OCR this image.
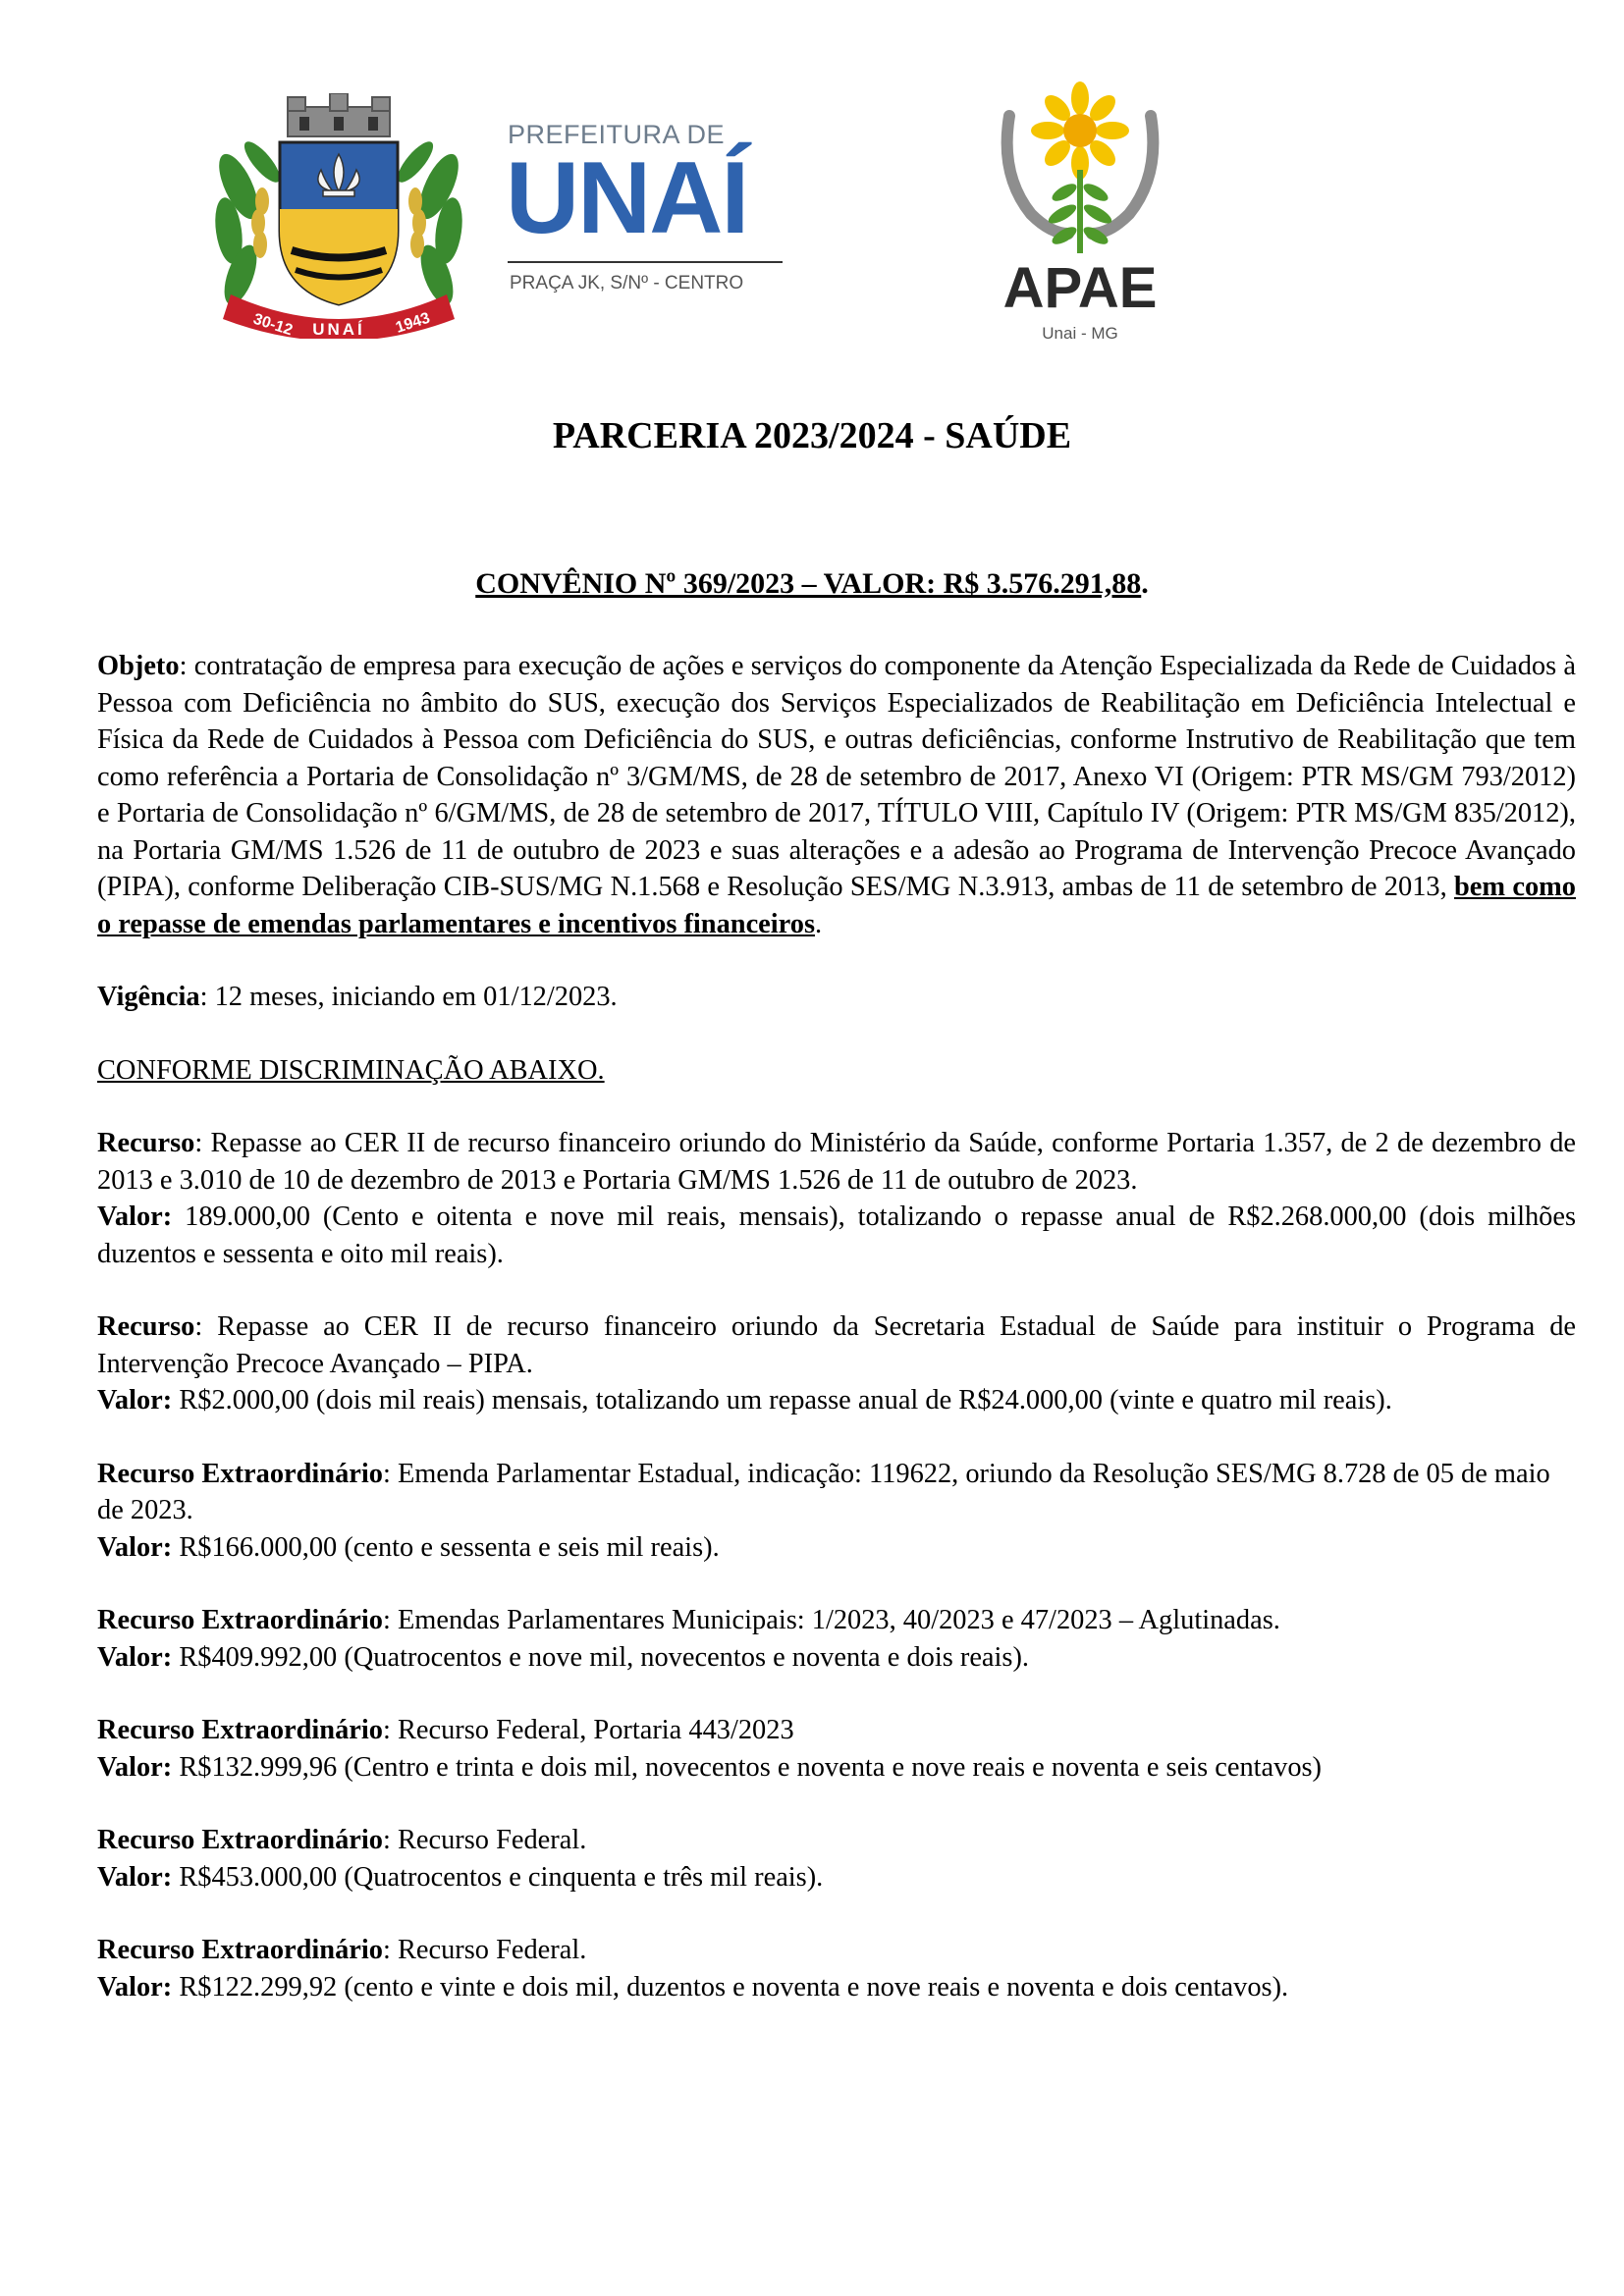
30-12 UNAÍ 1943
PREFEITURA DE
UNAÍ
PRAÇA JK, S/Nº - CENTRO	APAE
Unai - MG
PARCERIA 2023/2024 - SAÚDE
CONVÊNIO Nº 369/2023 – VALOR: R$ 3.576.291,88.

Objeto: contratação de empresa para execução de ações e serviços do componente da Atenção Especializada da Rede de Cuidados à Pessoa com Deficiência no âmbito do SUS, execução dos Serviços Especializados de Reabilitação em Deficiência Intelectual e Física da Rede de Cuidados à Pessoa com Deficiência do SUS, e outras deficiências, conforme Instrutivo de Reabilitação que tem como referência a Portaria de Consolidação nº 3/GM/MS, de 28 de setembro de 2017, Anexo VI (Origem: PTR MS/GM 793/2012) e Portaria de Consolidação nº 6/GM/MS, de 28 de setembro de 2017, TÍTULO VIII, Capítulo IV (Origem: PTR MS/GM 835/2012), na Portaria GM/MS 1.526 de 11 de outubro de 2023 e suas alterações e a adesão ao Programa de Intervenção Precoce Avançado (PIPA), conforme Deliberação CIB-SUS/MG N.1.568 e Resolução SES/MG N.3.913, ambas de 11 de setembro de 2013, bem como o repasse de emendas parlamentares e incentivos financeiros.

Vigência: 12 meses, iniciando em 01/12/2023.

CONFORME DISCRIMINAÇÃO ABAIXO.

Recurso: Repasse ao CER II de recurso financeiro oriundo do Ministério da Saúde, conforme Portaria 1.357, de 2 de dezembro de 2013 e 3.010 de 10 de dezembro de 2013 e Portaria GM/MS 1.526 de 11 de outubro de 2023.

Valor: 189.000,00 (Cento e oitenta e nove mil reais, mensais), totalizando o repasse anual de R$2.268.000,00 (dois milhões duzentos e sessenta e oito mil reais).

Recurso: Repasse ao CER II de recurso financeiro oriundo da Secretaria Estadual de Saúde para instituir o Programa de Intervenção Precoce Avançado – PIPA.

Valor: R$2.000,00 (dois mil reais) mensais, totalizando um repasse anual de R$24.000,00 (vinte e quatro mil reais).

Recurso Extraordinário: Emenda Parlamentar Estadual, indicação: 119622, oriundo da Resolução SES/MG 8.728 de 05 de maio de 2023.

Valor: R$166.000,00 (cento e sessenta e seis mil reais).

Recurso Extraordinário: Emendas Parlamentares Municipais: 1/2023, 40/2023 e 47/2023 – Aglutinadas.

Valor: R$409.992,00 (Quatrocentos e nove mil, novecentos e noventa e dois reais).

Recurso Extraordinário: Recurso Federal, Portaria 443/2023

Valor: R$132.999,96 (Centro e trinta e dois mil, novecentos e noventa e nove reais e noventa e seis centavos)

Recurso Extraordinário: Recurso Federal.

Valor: R$453.000,00 (Quatrocentos e cinquenta e três mil reais).

Recurso Extraordinário: Recurso Federal.

Valor: R$122.299,92 (cento e vinte e dois mil, duzentos e noventa e nove reais e noventa e dois centavos).
